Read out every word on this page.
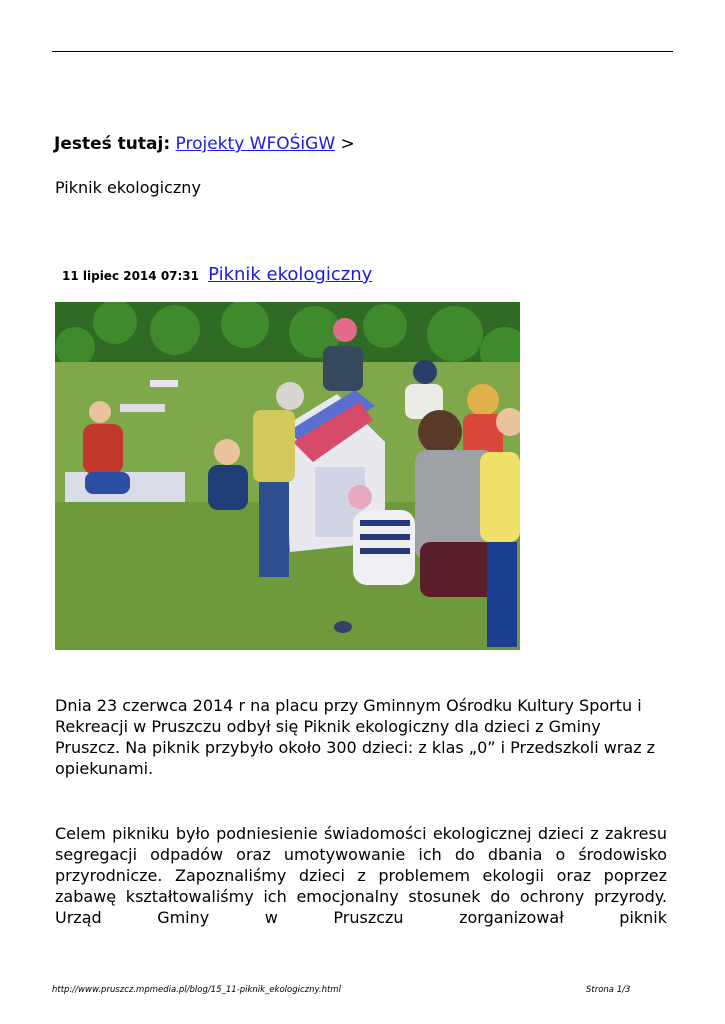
Jesteś tutaj: Projekty WFOŚiGW >
Piknik ekologiczny
11 lipiec 2014 07:31 Piknik ekologiczny
Dnia 23 czerwca 2014 r na placu przy Gminnym Ośrodku Kultury Sportu i Rekreacji w Pruszczu odbył się Piknik ekologiczny dla dzieci z Gminy Pruszcz. Na piknik przybyło około 300 dzieci: z klas „0” i Przedszkoli wraz z opiekunami.
Celem pikniku było podniesienie świadomości ekologicznej dzieci z zakresu segregacji odpadów oraz umotywowanie ich do dbania o środowisko przyrodnicze. Zapoznaliśmy dzieci z problemem ekologii oraz poprzez zabawę kształtowaliśmy ich emocjonalny stosunek do ochrony przyrody. Urząd Gminy w Pruszczu zorganizował piknik
http://www.pruszcz.mpmedia.pl/blog/15_11-piknik_ekologiczny.html	Strona 1/3
